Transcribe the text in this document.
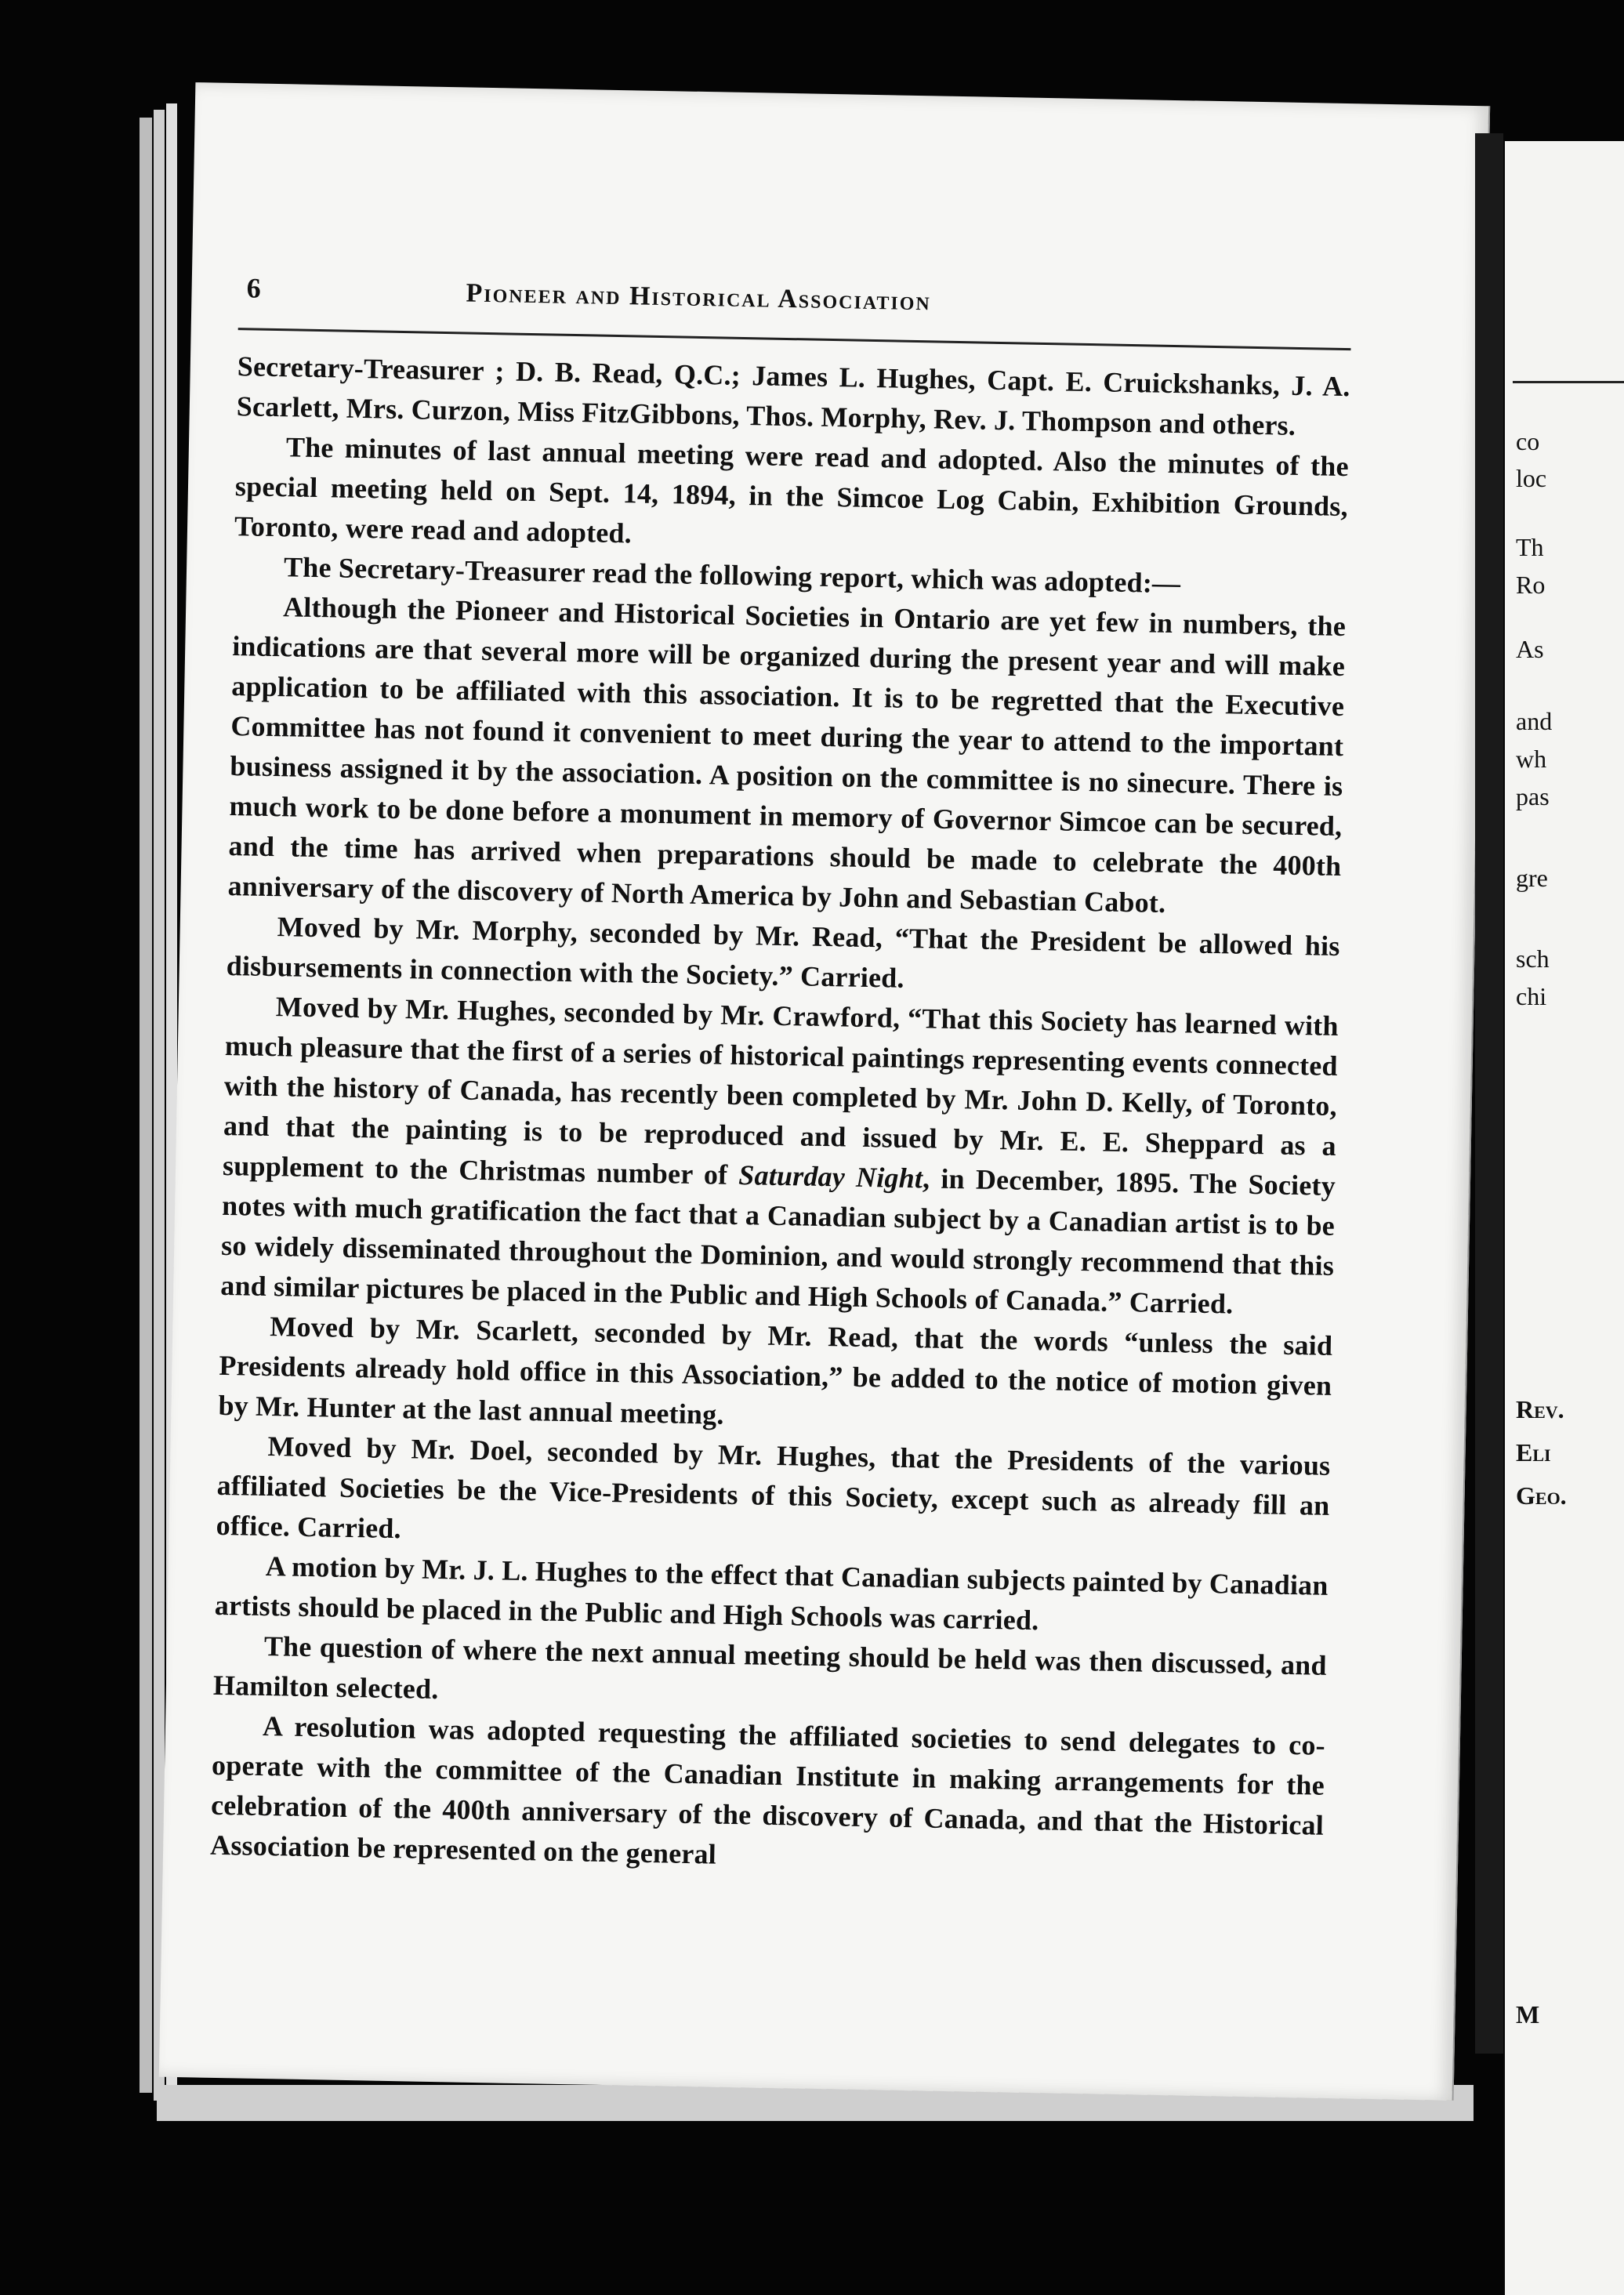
6	Pioneer and Historical Association

Secretary-Treasurer ; D. B. Read, Q.C.; James L. Hughes, Capt. E. Cruickshanks, J. A. Scarlett, Mrs. Curzon, Miss FitzGibbons, Thos. Morphy, Rev. J. Thompson and others.

The minutes of last annual meeting were read and adopted. Also the minutes of the special meeting held on Sept. 14, 1894, in the Simcoe Log Cabin, Exhibition Grounds, Toronto, were read and adopted.

The Secretary-Treasurer read the following report, which was adopted:—

Although the Pioneer and Historical Societies in Ontario are yet few in numbers, the indications are that several more will be organized during the present year and will make application to be affiliated with this association. It is to be regretted that the Executive Committee has not found it convenient to meet during the year to attend to the important business assigned it by the association. A position on the committee is no sinecure. There is much work to be done before a monument in memory of Governor Simcoe can be secured, and the time has arrived when preparations should be made to celebrate the 400th anniversary of the discovery of North America by John and Sebastian Cabot.

Moved by Mr. Morphy, seconded by Mr. Read, “That the President be allowed his disbursements in connection with the Society.” Carried.

Moved by Mr. Hughes, seconded by Mr. Crawford, “That this Society has learned with much pleasure that the first of a series of historical paintings representing events connected with the history of Canada, has recently been completed by Mr. John D. Kelly, of Toronto, and that the painting is to be reproduced and issued by Mr. E. E. Sheppard as a supplement to the Christmas number of Saturday Night, in December, 1895. The Society notes with much gratification the fact that a Canadian subject by a Canadian artist is to be so widely disseminated throughout the Dominion, and would strongly recommend that this and similar pictures be placed in the Public and High Schools of Canada.” Carried.

Moved by Mr. Scarlett, seconded by Mr. Read, that the words “unless the said Presidents already hold office in this Association,” be added to the notice of motion given by Mr. Hunter at the last annual meeting.

Moved by Mr. Doel, seconded by Mr. Hughes, that the Presidents of the various affiliated Societies be the Vice-Presidents of this Society, except such as already fill an office. Carried.

A motion by Mr. J. L. Hughes to the effect that Canadian subjects painted by Canadian artists should be placed in the Public and High Schools was carried.

The question of where the next annual meeting should be held was then discussed, and Hamilton selected.

A resolution was adopted requesting the affiliated societies to send delegates to co-operate with the committee of the Canadian Institute in making arrangements for the celebration of the 400th anniversary of the discovery of Canada, and that the Historical Association be represented on the general

co
loc
Th
Ro
As
and
wh
pas
gre
sch
chi
Rev.
Eli
Geo.
M
